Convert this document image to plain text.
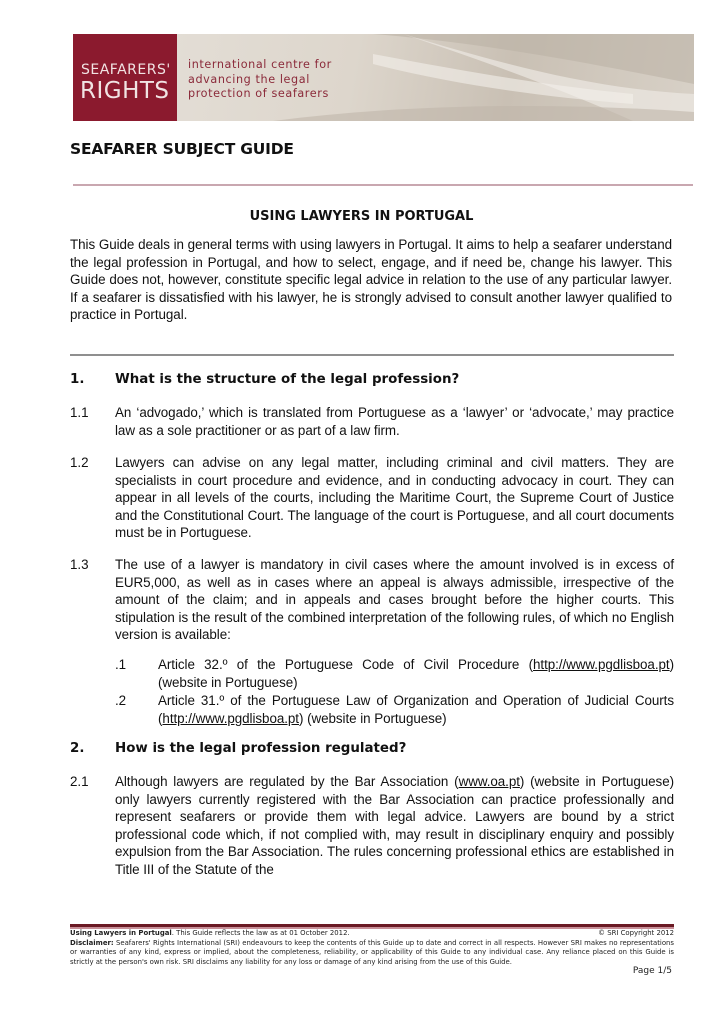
SEAFARERS'
RIGHTS
international centre for
advancing the legal
protection of seafarers
SEAFARER SUBJECT GUIDE
USING LAWYERS IN PORTUGAL
This Guide deals in general terms with using lawyers in Portugal. It aims to help a seafarer understand the legal profession in Portugal, and how to select, engage, and if need be, change his lawyer. This Guide does not, however, constitute specific legal advice in relation to the use of any particular lawyer. If a seafarer is dissatisfied with his lawyer, he is strongly advised to consult another lawyer qualified to practice in Portugal.
1. What is the structure of the legal profession?
1.1 An ‘advogado,’ which is translated from Portuguese as a ‘lawyer’ or ‘advocate,’ may practice law as a sole practitioner or as part of a law firm.
1.2 Lawyers can advise on any legal matter, including criminal and civil matters. They are specialists in court procedure and evidence, and in conducting advocacy in court. They can appear in all levels of the courts, including the Maritime Court, the Supreme Court of Justice and the Constitutional Court. The language of the court is Portuguese, and all court documents must be in Portuguese.
1.3 The use of a lawyer is mandatory in civil cases where the amount involved is in excess of EUR5,000, as well as in cases where an appeal is always admissible, irrespective of the amount of the claim; and in appeals and cases brought before the higher courts. This stipulation is the result of the combined interpretation of the following rules, of which no English version is available:
.1 Article 32.º of the Portuguese Code of Civil Procedure (http://www.pgdlisboa.pt) (website in Portuguese)
.2 Article 31.º of the Portuguese Law of Organization and Operation of Judicial Courts (http://www.pgdlisboa.pt) (website in Portuguese)
2. How is the legal profession regulated?
2.1 Although lawyers are regulated by the Bar Association (www.oa.pt) (website in Portuguese) only lawyers currently registered with the Bar Association can practice professionally and represent seafarers or provide them with legal advice. Lawyers are bound by a strict professional code which, if not complied with, may result in disciplinary enquiry and possibly expulsion from the Bar Association. The rules concerning professional ethics are established in Title III of the Statute of the
Using Lawyers in Portugal. This Guide reflects the law as at 01 October 2012.	© SRI Copyright 2012
Disclaimer: Seafarers' Rights International (SRI) endeavours to keep the contents of this Guide up to date and correct in all respects. However SRI makes no representations or warranties of any kind, express or implied, about the completeness, reliability, or applicability of this Guide to any individual case. Any reliance placed on this Guide is strictly at the person's own risk. SRI disclaims any liability for any loss or damage of any kind arising from the use of this Guide.
Page 1/5
